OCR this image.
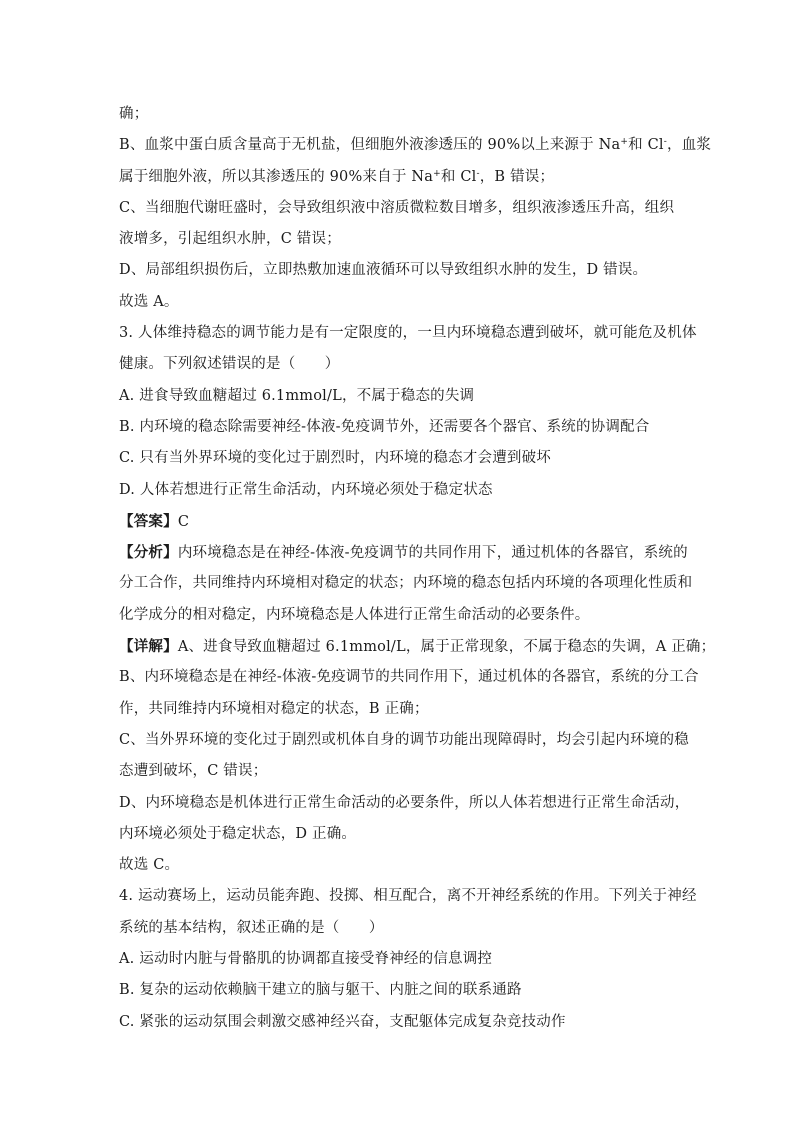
确；
B、血浆中蛋白质含量高于无机盐，但细胞外液渗透压的 90%以上来源于 Na+和 Cl-，血浆
属于细胞外液，所以其渗透压的 90%来自于 Na+和 Cl-，B 错误；
C、当细胞代谢旺盛时，会导致组织液中溶质微粒数目增多，组织液渗透压升高，组织
液增多，引起组织水肿，C 错误；
D、局部组织损伤后，立即热敷加速血液循环可以导致组织水肿的发生，D 错误。
故选 A。
3. 人体维持稳态的调节能力是有一定限度的，一旦内环境稳态遭到破坏，就可能危及机体
健康。下列叙述错误的是（　　）
A. 进食导致血糖超过 6.1mmol/L，不属于稳态的失调
B. 内环境的稳态除需要神经-体液-免疫调节外，还需要各个器官、系统的协调配合
C. 只有当外界环境的变化过于剧烈时，内环境的稳态才会遭到破坏
D. 人体若想进行正常生命活动，内环境必须处于稳定状态
【答案】C
【分析】内环境稳态是在神经-体液-免疫调节的共同作用下，通过机体的各器官，系统的
分工合作，共同维持内环境相对稳定的状态；内环境的稳态包括内环境的各项理化性质和
化学成分的相对稳定，内环境稳态是人体进行正常生命活动的必要条件。
【详解】A、进食导致血糖超过 6.1mmol/L，属于正常现象，不属于稳态的失调，A 正确；
B、内环境稳态是在神经-体液-免疫调节的共同作用下，通过机体的各器官，系统的分工合
作，共同维持内环境相对稳定的状态，B 正确；
C、当外界环境的变化过于剧烈或机体自身的调节功能出现障碍时，均会引起内环境的稳
态遭到破坏，C 错误；
D、内环境稳态是机体进行正常生命活动的必要条件，所以人体若想进行正常生命活动，
内环境必须处于稳定状态，D 正确。
故选 C。
4. 运动赛场上，运动员能奔跑、投掷、相互配合，离不开神经系统的作用。下列关于神经
系统的基本结构，叙述正确的是（　　）
A. 运动时内脏与骨骼肌的协调都直接受脊神经的信息调控
B. 复杂的运动依赖脑干建立的脑与躯干、内脏之间的联系通路
C. 紧张的运动氛围会刺激交感神经兴奋，支配躯体完成复杂竞技动作
